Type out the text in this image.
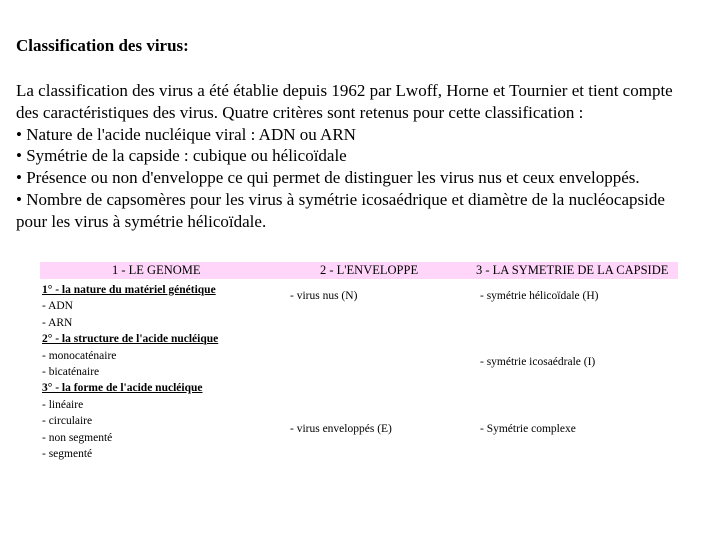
Classification des virus:
La classification des virus a été établie depuis 1962 par Lwoff, Horne et Tournier et tient compte
des caractéristiques des virus. Quatre critères sont retenus pour cette classification :
• Nature de l'acide nucléique viral : ADN ou ARN
• Symétrie de la capside : cubique ou hélicoïdale
• Présence ou non d'enveloppe ce qui permet de distinguer les virus nus et ceux enveloppés.
• Nombre de capsomères pour les virus à symétrie icosaédrique et diamètre de la nucléocapside
pour les virus à symétrie hélicoïdale.
1 - LE GENOME	2 - L'ENVELOPPE	3 - LA SYMETRIE DE LA CAPSIDE
1° - la nature du matériel génétique
- ADN
- ARN
2° - la structure de l'acide nucléique
- monocaténaire
- bicaténaire
3° - la forme de l'acide nucléique
- linéaire
- circulaire
- non segmenté
- segmenté
- virus nus (N)
- virus enveloppés (E)
- symétrie hélicoïdale (H)
- symétrie icosaédrale (I)
- Symétrie complexe
